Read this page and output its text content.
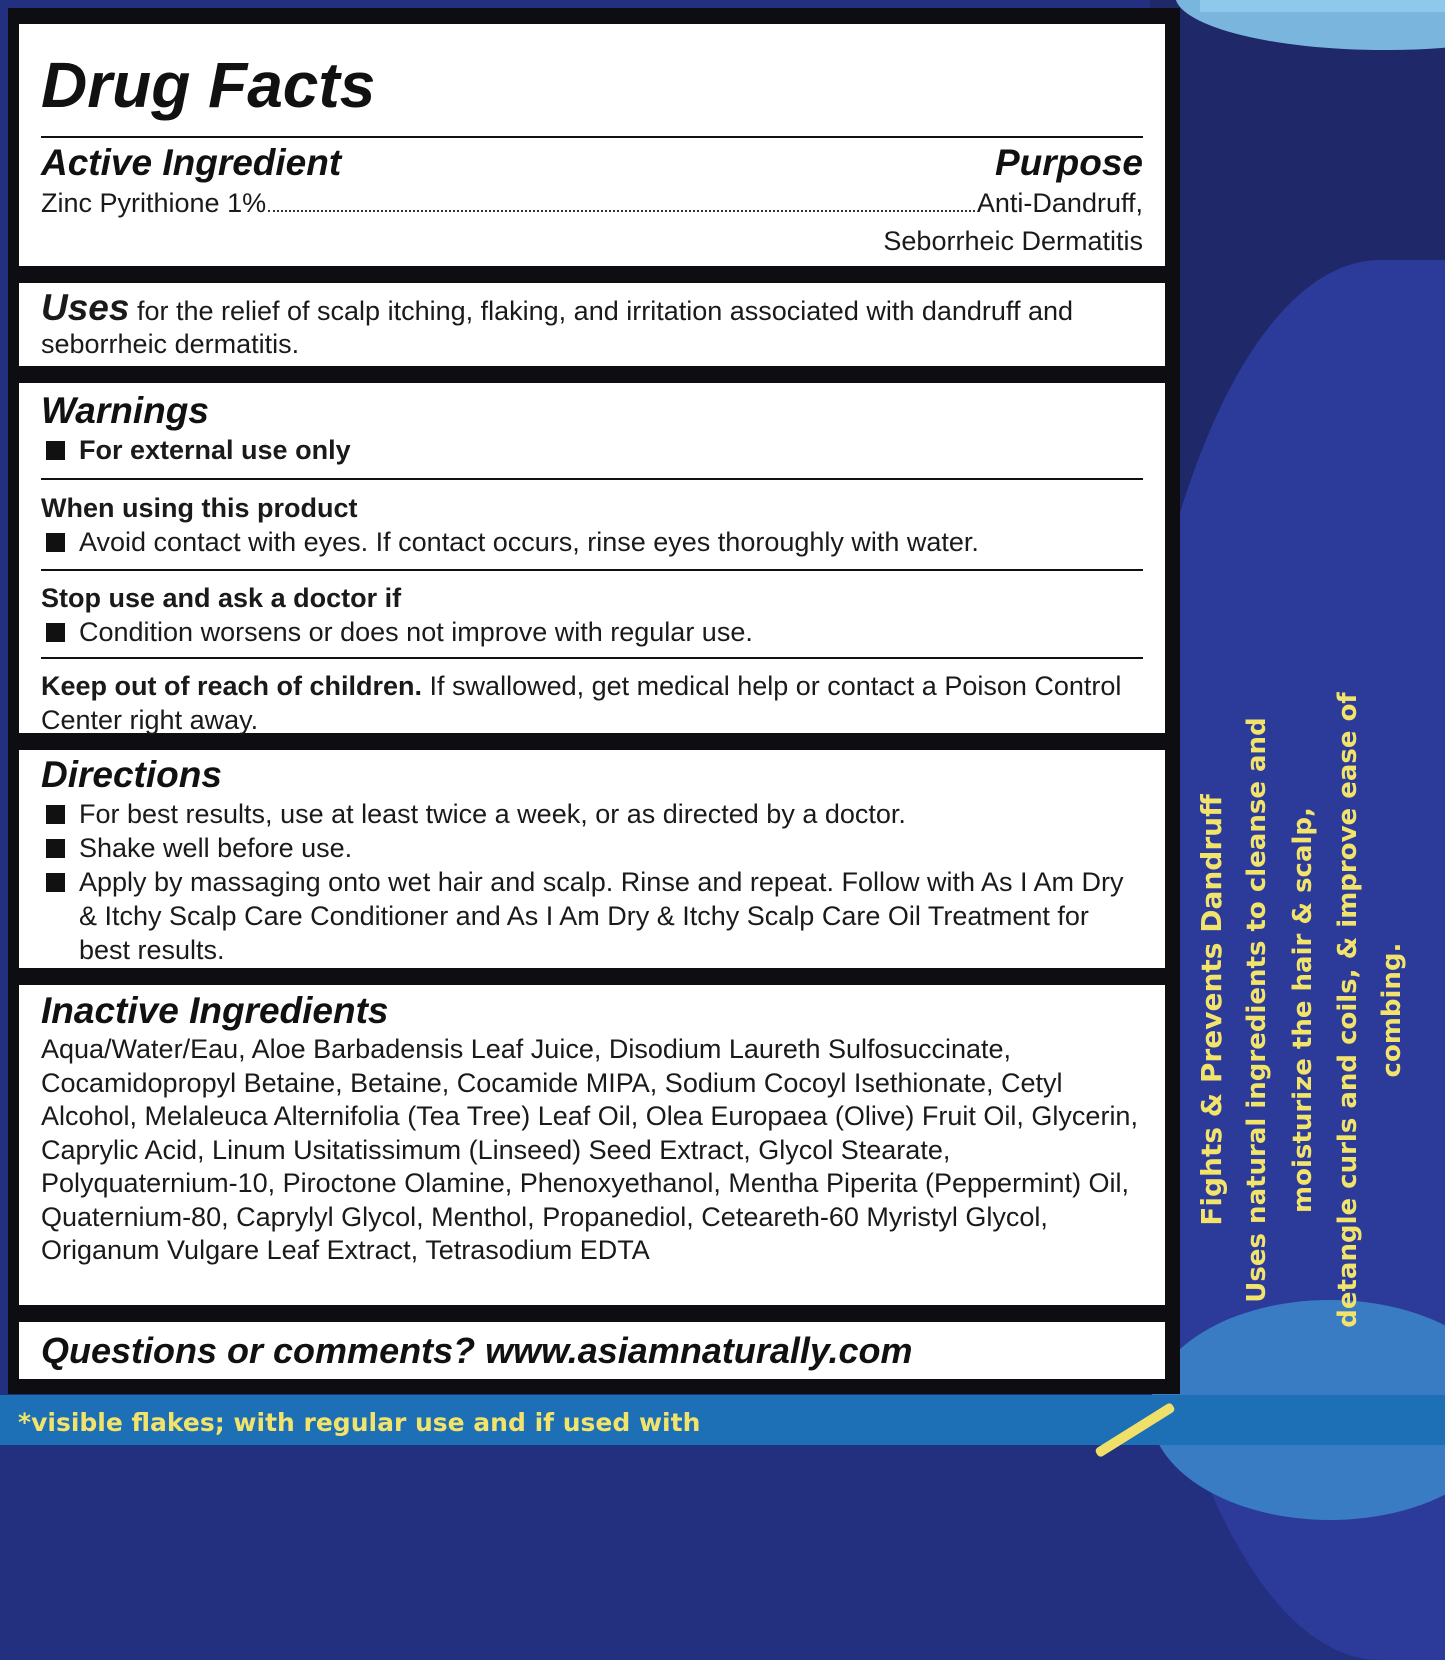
Drug Facts
Active Ingredient	Purpose
Zinc Pyrithione 1%	Anti-Dandruff,
Seborrheic Dermatitis
Uses for the relief of scalp itching, flaking, and irritation associated with dandruff and seborrheic dermatitis.
Warnings
For external use only
When using this product
Avoid contact with eyes. If contact occurs, rinse eyes thoroughly with water.
Stop use and ask a doctor if
Condition worsens or does not improve with regular use.
Keep out of reach of children. If swallowed, get medical help or contact a Poison Control Center right away.
Directions
For best results, use at least twice a week, or as directed by a doctor.
Shake well before use.
Apply by massaging onto wet hair and scalp. Rinse and repeat. Follow with As I Am Dry & Itchy Scalp Care Conditioner and As I Am Dry & Itchy Scalp Care Oil Treatment for best results.
Inactive Ingredients
Aqua/Water/Eau, Aloe Barbadensis Leaf Juice, Disodium Laureth Sulfosuccinate, Cocamidopropyl Betaine, Betaine, Cocamide MIPA, Sodium Cocoyl Isethionate, Cetyl Alcohol, Melaleuca Alternifolia (Tea Tree) Leaf Oil, Olea Europaea (Olive) Fruit Oil, Glycerin, Caprylic Acid, Linum Usitatissimum (Linseed) Seed Extract, Glycol Stearate, Polyquaternium-10, Piroctone Olamine, Phenoxyethanol, Mentha Piperita (Peppermint) Oil, Quaternium-80, Caprylyl Glycol, Menthol, Propanediol, Ceteareth-60 Myristyl Glycol, Origanum Vulgare Leaf Extract, Tetrasodium EDTA
Questions or comments? www.asiamnaturally.com
Fights & Prevents Dandruff Uses natural ingredients to cleanse and moisturize the hair & scalp, detangle curls and coils, & improve ease of combing.
*visible flakes; with regular use and if used with
